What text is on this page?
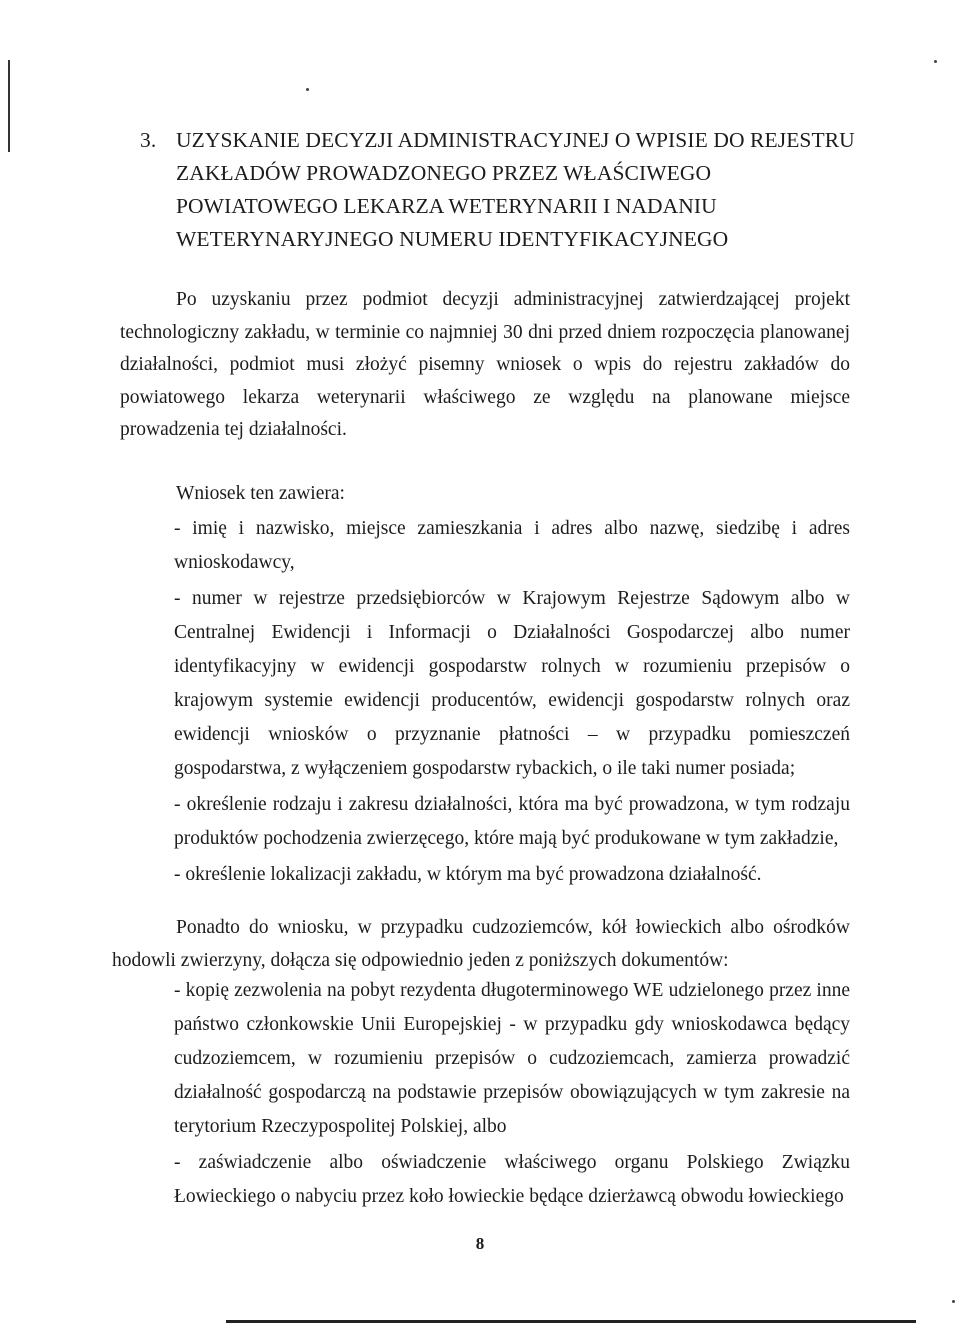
3. UZYSKANIE DECYZJI ADMINISTRACYJNEJ O WPISIE DO REJESTRU ZAKŁADÓW PROWADZONEGO PRZEZ WŁAŚCIWEGO POWIATOWEGO LEKARZA WETERYNARII I NADANIU WETERYNARYJNEGO NUMERU IDENTYFIKACYJNEGO

Po uzyskaniu przez podmiot decyzji administracyjnej zatwierdzającej projekt technologiczny zakładu, w terminie co najmniej 30 dni przed dniem rozpoczęcia planowanej działalności, podmiot musi złożyć pisemny wniosek o wpis do rejestru zakładów do powiatowego lekarza weterynarii właściwego ze względu na planowane miejsce prowadzenia tej działalności.

Wniosek ten zawiera:

- imię i nazwisko, miejsce zamieszkania i adres albo nazwę, siedzibę i adres wnioskodawcy,
- numer w rejestrze przedsiębiorców w Krajowym Rejestrze Sądowym albo w Centralnej Ewidencji i Informacji o Działalności Gospodarczej albo numer identyfikacyjny w ewidencji gospodarstw rolnych w rozumieniu przepisów o krajowym systemie ewidencji producentów, ewidencji gospodarstw rolnych oraz ewidencji wniosków o przyznanie płatności – w przypadku pomieszczeń gospodarstwa, z wyłączeniem gospodarstw rybackich, o ile taki numer posiada;
- określenie rodzaju i zakresu działalności, która ma być prowadzona, w tym rodzaju produktów pochodzenia zwierzęcego, które mają być produkowane w tym zakładzie,
- określenie lokalizacji zakładu, w którym ma być prowadzona działalność.

Ponadto do wniosku, w przypadku cudzoziemców, kół łowieckich albo ośrodków hodowli zwierzyny, dołącza się odpowiednio jeden z poniższych dokumentów:

- kopię zezwolenia na pobyt rezydenta długoterminowego WE udzielonego przez inne państwo członkowskie Unii Europejskiej - w przypadku gdy wnioskodawca będący cudzoziemcem, w rozumieniu przepisów o cudzoziemcach, zamierza prowadzić działalność gospodarczą na podstawie przepisów obowiązujących w tym zakresie na terytorium Rzeczypospolitej Polskiej, albo
- zaświadczenie albo oświadczenie właściwego organu Polskiego Związku Łowieckiego o nabyciu przez koło łowieckie będące dzierżawcą obwodu łowieckiego
8
